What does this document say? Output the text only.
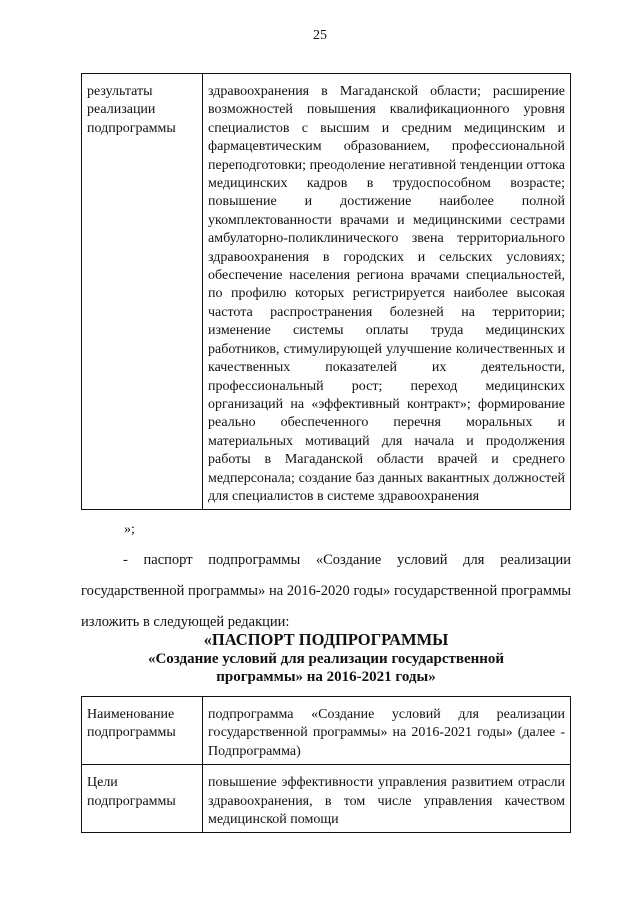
25
результаты реализации подпрограммы	здравоохранения в Магаданской области; расширение возможностей повышения квалификационного уровня специалистов с высшим и средним медицинским и фармацевтическим образованием, профессиональной переподготовки; преодоление негативной тенденции оттока медицинских кадров в трудоспособном возрасте; повышение и достижение наиболее полной укомплектованности врачами и медицинскими сестрами амбулаторно-поликлинического звена территориального здравоохранения в городских и сельских условиях; обеспечение населения региона врачами специальностей, по профилю которых регистрируется наиболее высокая частота распространения болезней на территории; изменение системы оплаты труда медицинских работников, стимулирующей улучшение количественных и качественных показателей их деятельности, профессиональный рост; переход медицинских организаций на «эффективный контракт»; формирование реально обеспеченного перечня моральных и материальных мотиваций для начала и продолжения работы в Магаданской области врачей и среднего медперсонала; создание баз данных вакантных должностей для специалистов в системе здравоохранения
»;
- паспорт подпрограммы «Создание условий для реализации государственной программы» на 2016-2020 годы» государственной программы изложить в следующей редакции:
«ПАСПОРТ ПОДПРОГРАММЫ
«Создание условий для реализации государственной
программы» на 2016-2021 годы»
Наименование подпрограммы	подпрограмма «Создание условий для реализации государственной программы» на 2016-2021 годы» (далее - Подпрограмма)
Цели подпрограммы	повышение эффективности управления развитием отрасли здравоохранения, в том числе управления качеством медицинской помощи
